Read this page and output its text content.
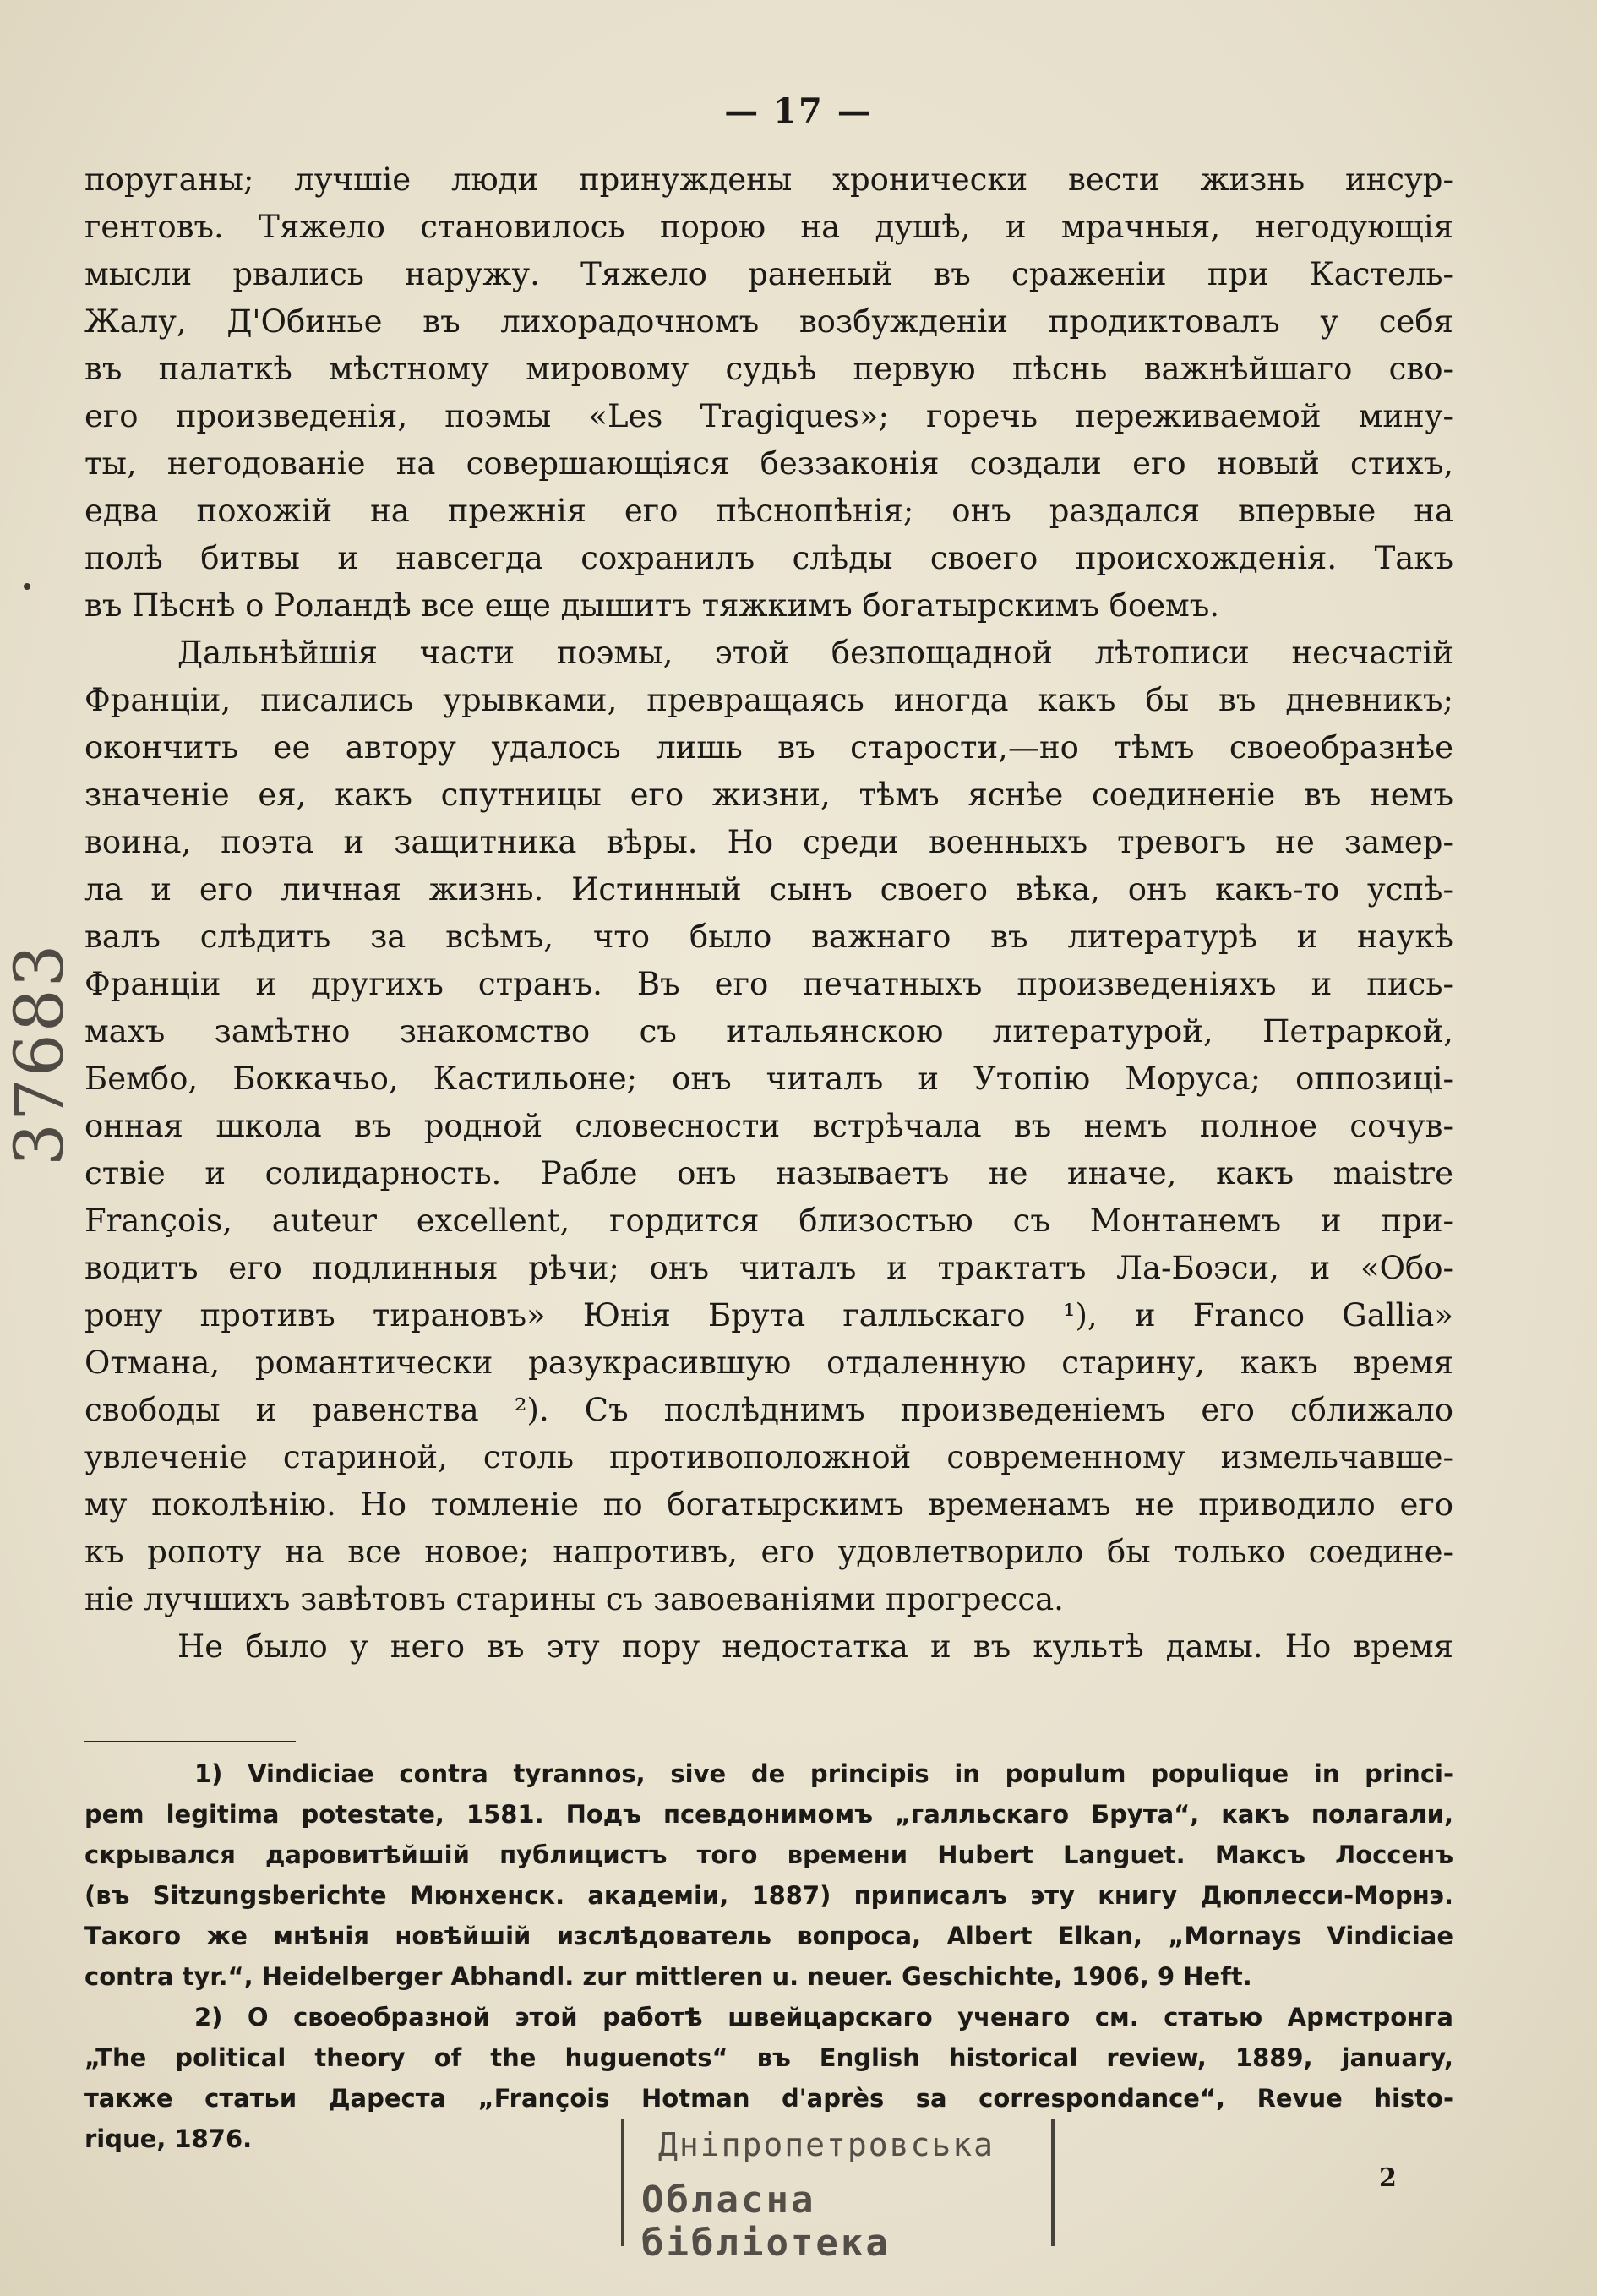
— 17 —
поруганы; лучшіе люди принуждены хронически вести жизнь инсур-
гентовъ. Тяжело становилось порою на душѣ, и мрачныя, негодующія
мысли рвались наружу. Тяжело раненый въ сраженіи при Кастель-
Жалу, Д'Обинье въ лихорадочномъ возбужденіи продиктовалъ у себя
въ палаткѣ мѣстному мировому судьѣ первую пѣснь важнѣйшаго сво-
его произведенія, поэмы «Les Tragiques»; горечь переживаемой мину-
ты, негодованіе на совершающіяся беззаконія создали его новый стихъ,
едва похожій на прежнія его пѣснопѣнія; онъ раздался впервые на
полѣ битвы и навсегда сохранилъ слѣды своего происхожденія. Такъ
въ Пѣснѣ о Роландѣ все еще дышитъ тяжкимъ богатырскимъ боемъ.
Дальнѣйшія части поэмы, этой безпощадной лѣтописи несчастій
Франціи, писались урывками, превращаясь иногда какъ бы въ дневникъ;
окончить ее автору удалось лишь въ старости,—но тѣмъ своеобразнѣе
значеніе ея, какъ спутницы его жизни, тѣмъ яснѣе соединеніе въ немъ
воина, поэта и защитника вѣры. Но среди военныхъ тревогъ не замер-
ла и его личная жизнь. Истинный сынъ своего вѣка, онъ какъ-то успѣ-
валъ слѣдить за всѣмъ, что было важнаго въ литературѣ и наукѣ
Франціи и другихъ странъ. Въ его печатныхъ произведеніяхъ и пись-
махъ замѣтно знакомство съ итальянскою литературой, Петраркой,
Бембо, Боккачьо, Кастильоне; онъ читалъ и Утопію Моруса; оппозиці-
онная школа въ родной словесности встрѣчала въ немъ полное сочув-
ствіе и солидарность. Рабле онъ называетъ не иначе, какъ maistre
François, auteur excellent, гордится близостью съ Монтанемъ и при-
водитъ его подлинныя рѣчи; онъ читалъ и трактатъ Ла-Боэси, и «Обо-
рону противъ тирановъ» Юнія Брута галльскаго ¹), и Franco Gallia»
Отмана, романтически разукрасившую отдаленную старину, какъ время
свободы и равенства ²). Съ послѣднимъ произведеніемъ его сближало
увлеченіе стариной, столь противоположной современному измельчавше-
му поколѣнію. Но томленіе по богатырскимъ временамъ не приводило его
къ ропоту на все новое; напротивъ, его удовлетворило бы только соедине-
ніе лучшихъ завѣтовъ старины съ завоеваніями прогресса.
Не было у него въ эту пору недостатка и въ культѣ дамы. Но время
1) Vindiciae contra tyrannos, sive de principis in populum populique in princi-
pem legitima potestate, 1581. Подъ псевдонимомъ „галльскаго Брута“, какъ полагали,
скрывался даровитѣйшій публицистъ того времени Hubert Languet. Максъ Лоссенъ
(въ Sitzungsberichte Мюнхенск. академіи, 1887) приписалъ эту книгу Дюплесси-Морнэ.
Такого же мнѣнія новѣйшій изслѣдователь вопроса, Albert Elkan, „Mornays Vindiciae
contra tyr.“, Heidelberger Abhandl. zur mittleren u. neuer. Geschichte, 1906, 9 Heft.
2) О своеобразной этой работѣ швейцарскаго ученаго см. статью Армстронга
„The political theory of the huguenots“ въ English historical review, 1889, january,
также статьи Дареста „François Hotman d'après sa correspondance“, Revue histo-
rique, 1876.	Дніпропетровська
Обласна бібліотека
2
37683
